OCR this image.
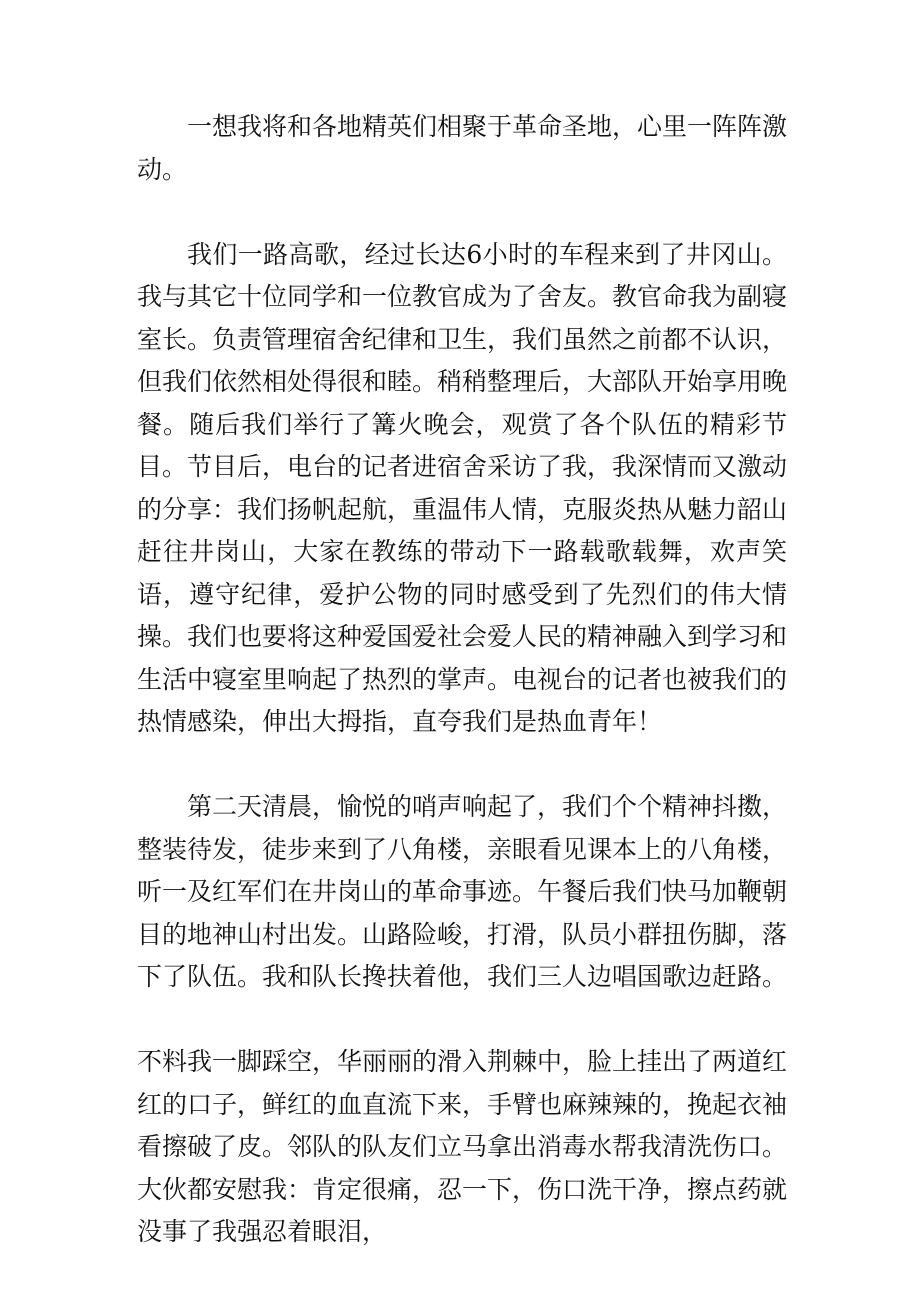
一想我将和各地精英们相聚于革命圣地，心里一阵阵激动。

我们一路高歌，经过长达6小时的车程来到了井冈山。我与其它十位同学和一位教官成为了舍友。教官命我为副寝室长。负责管理宿舍纪律和卫生，我们虽然之前都不认识，但我们依然相处得很和睦。稍稍整理后，大部队开始享用晚餐。随后我们举行了篝火晚会，观赏了各个队伍的精彩节目。节目后，电台的记者进宿舍采访了我，我深情而又激动的分享：我们扬帆起航，重温伟人情，克服炎热从魅力韶山赶往井岗山，大家在教练的带动下一路载歌载舞，欢声笑语，遵守纪律，爱护公物的同时感受到了先烈们的伟大情操。我们也要将这种爱国爱社会爱人民的精神融入到学习和生活中寝室里响起了热烈的掌声。电视台的记者也被我们的热情感染，伸出大拇指，直夸我们是热血青年！

第二天清晨，愉悦的哨声响起了，我们个个精神抖擞，整装待发，徒步来到了八角楼，亲眼看见课本上的八角楼，听一及红军们在井岗山的革命事迹。午餐后我们快马加鞭朝目的地神山村出发。山路险峻，打滑，队员小群扭伤脚，落下了队伍。我和队长搀扶着他，我们三人边唱国歌边赶路。

不料我一脚踩空，华丽丽的滑入荆棘中，脸上挂出了两道红红的口子，鲜红的血直流下来，手臂也麻辣辣的，挽起衣袖看擦破了皮。邻队的队友们立马拿出消毒水帮我清洗伤口。大伙都安慰我：肯定很痛，忍一下，伤口洗干净，擦点药就没事了我强忍着眼泪，
